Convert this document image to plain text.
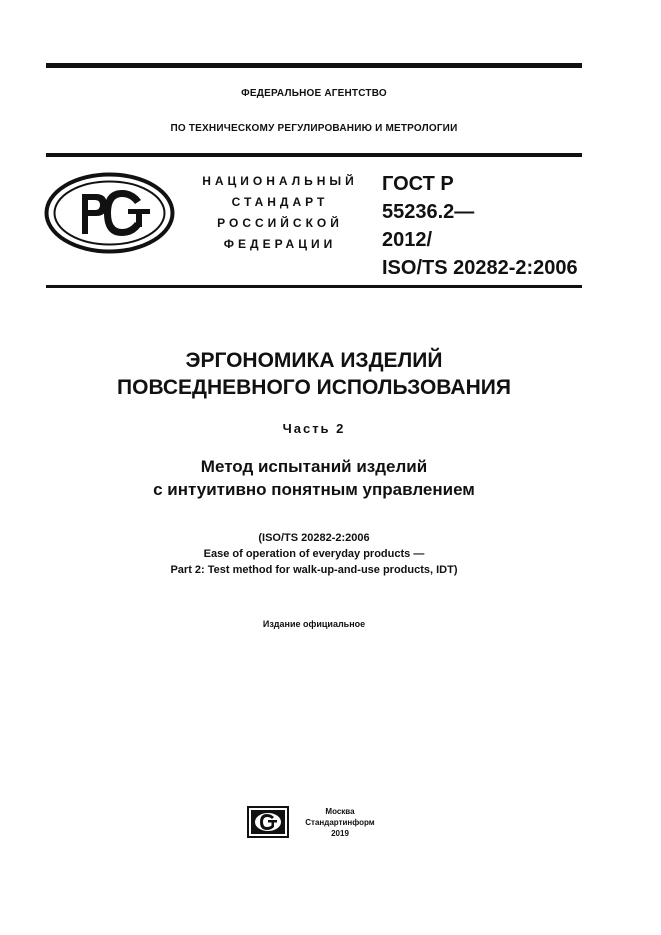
ФЕДЕРАЛЬНОЕ АГЕНТСТВО
ПО ТЕХНИЧЕСКОМУ РЕГУЛИРОВАНИЮ И МЕТРОЛОГИИ
НАЦИОНАЛЬНЫЙ
СТАНДАРТ
РОССИЙСКОЙ
ФЕДЕРАЦИИ
ГОСТ Р
55236.2—
2012/
ISO/TS 20282-2:2006
ЭРГОНОМИКА ИЗДЕЛИЙ
ПОВСЕДНЕВНОГО ИСПОЛЬЗОВАНИЯ
Часть 2
Метод испытаний изделий
с интуитивно понятным управлением
(ISO/TS 20282-2:2006
Ease of operation of everyday products —
Part 2: Test method for walk-up-and-use products, IDT)
Издание официальное
Москва
Стандартинформ
2019
